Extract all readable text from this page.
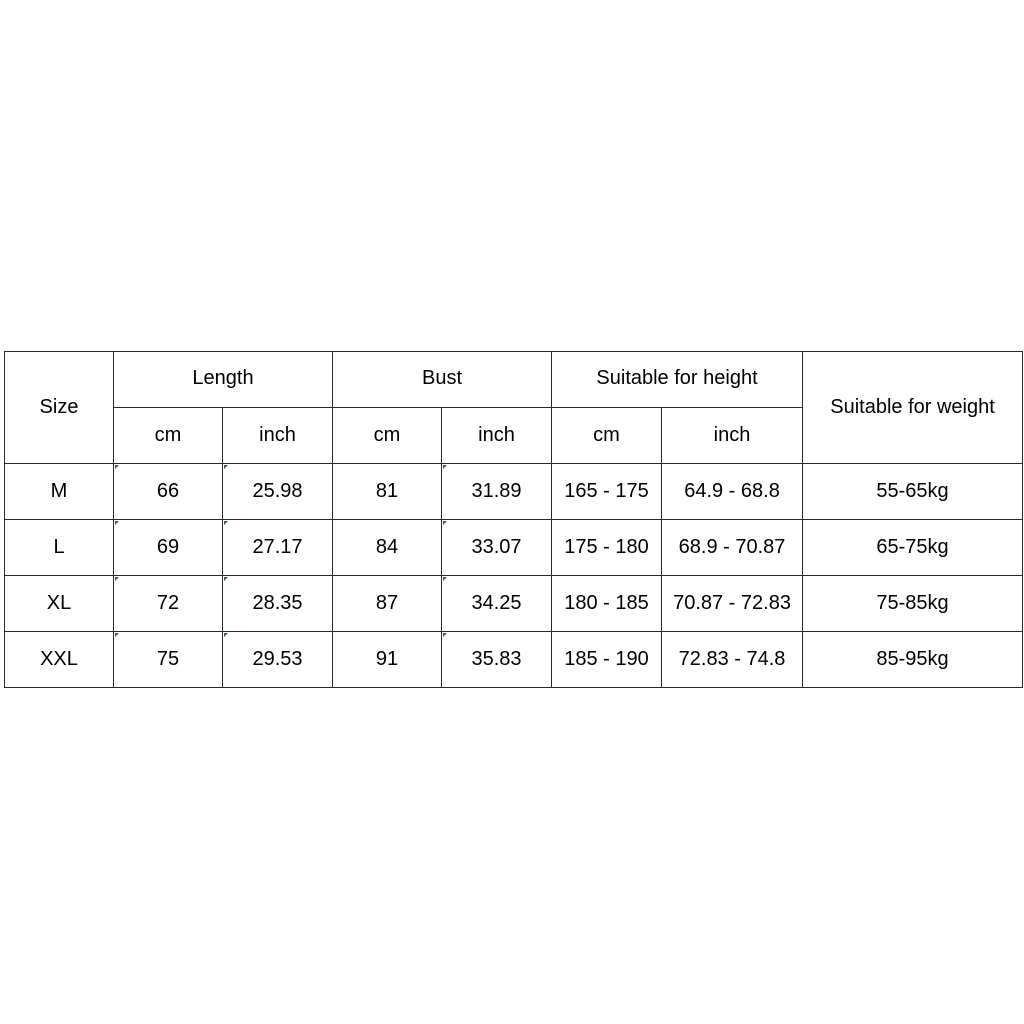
Size	Length		Bust		Suitable for height		Suitable for weight
	cm	inch	cm	inch	cm	inch	
M	66	25.98	81	31.89	165 - 175	64.9 - 68.8	55-65kg
L	69	27.17	84	33.07	175 - 180	68.9 - 70.87	65-75kg
XL	72	28.35	87	34.25	180 - 185	70.87 - 72.83	75-85kg
XXL	75	29.53	91	35.83	185 - 190	72.83 - 74.8	85-95kg
